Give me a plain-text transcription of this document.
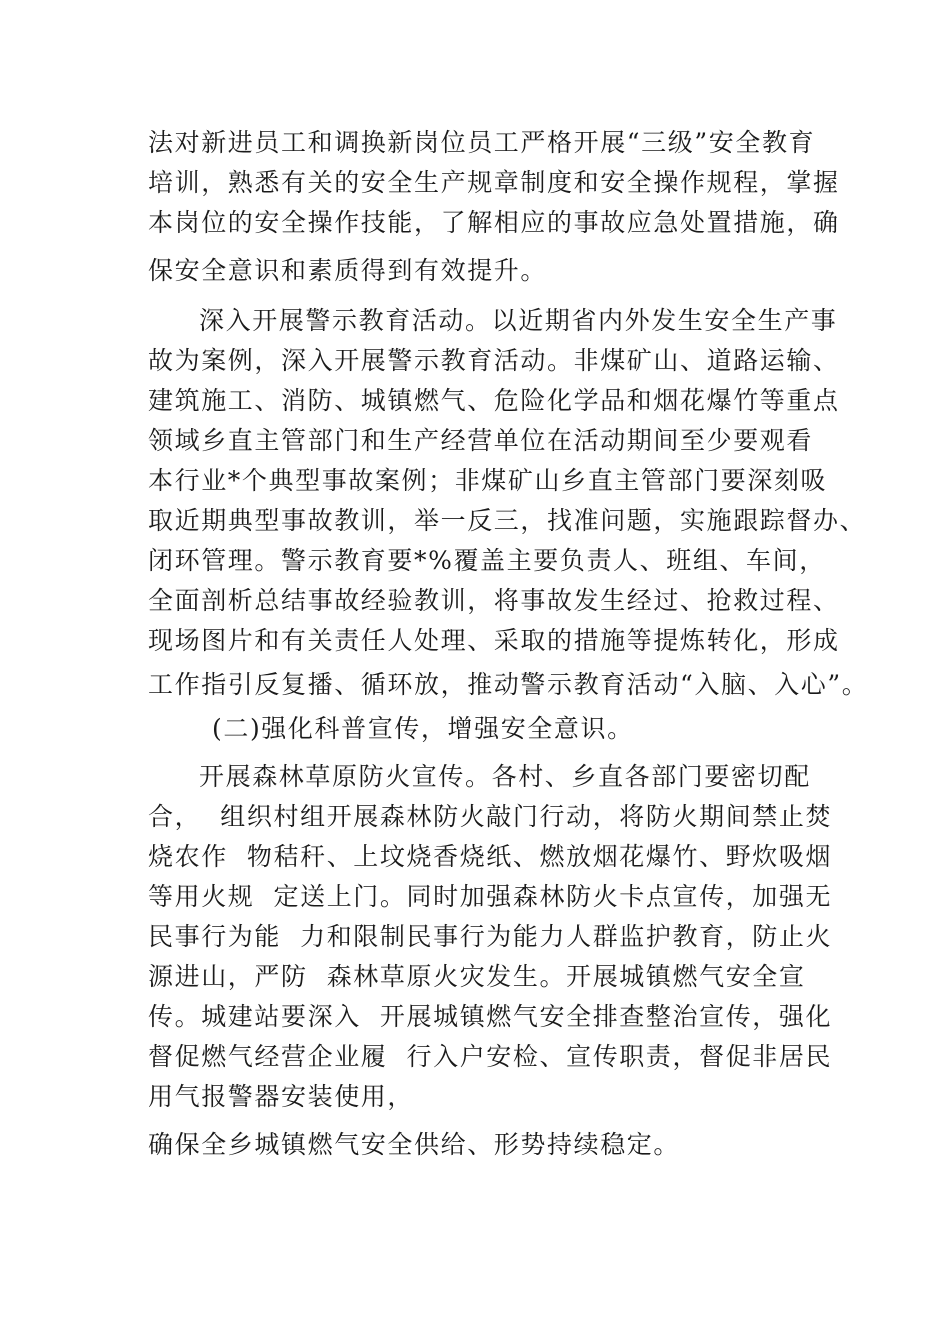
法对新进员工和调换新岗位员工严格开展“三级”安全教育
培训，熟悉有关的安全生产规章制度和安全操作规程，掌握
本岗位的安全操作技能，了解相应的事故应急处置措施，确
保安全意识和素质得到有效提升。
深入开展警示教育活动。以近期省内外发生安全生产事
故为案例，深入开展警示教育活动。非煤矿山、道路运输、
建筑施工、消防、城镇燃气、危险化学品和烟花爆竹等重点
领域乡直主管部门和生产经营单位在活动期间至少要观看
本行业*个典型事故案例；非煤矿山乡直主管部门要深刻吸
取近期典型事故教训，举一反三，找准问题，实施跟踪督办、
闭环管理。警示教育要*%覆盖主要负责人、班组、车间，
全面剖析总结事故经验教训，将事故发生经过、抢救过程、
现场图片和有关责任人处理、采取的措施等提炼转化，形成
工作指引反复播、循环放，推动警示教育活动“入脑、入心”。
(二)强化科普宣传，增强安全意识。
开展森林草原防火宣传。各村、乡直各部门要密切配
合，  组织村组开展森林防火敲门行动，将防火期间禁止焚
烧农作  物秸秆、上坟烧香烧纸、燃放烟花爆竹、野炊吸烟
等用火规  定送上门。同时加强森林防火卡点宣传，加强无
民事行为能  力和限制民事行为能力人群监护教育，防止火
源进山，严防  森林草原火灾发生。开展城镇燃气安全宣
传。城建站要深入  开展城镇燃气安全排查整治宣传，强化
督促燃气经营企业履  行入户安检、宣传职责，督促非居民
用气报警器安装使用，
确保全乡城镇燃气安全供给、形势持续稳定。
